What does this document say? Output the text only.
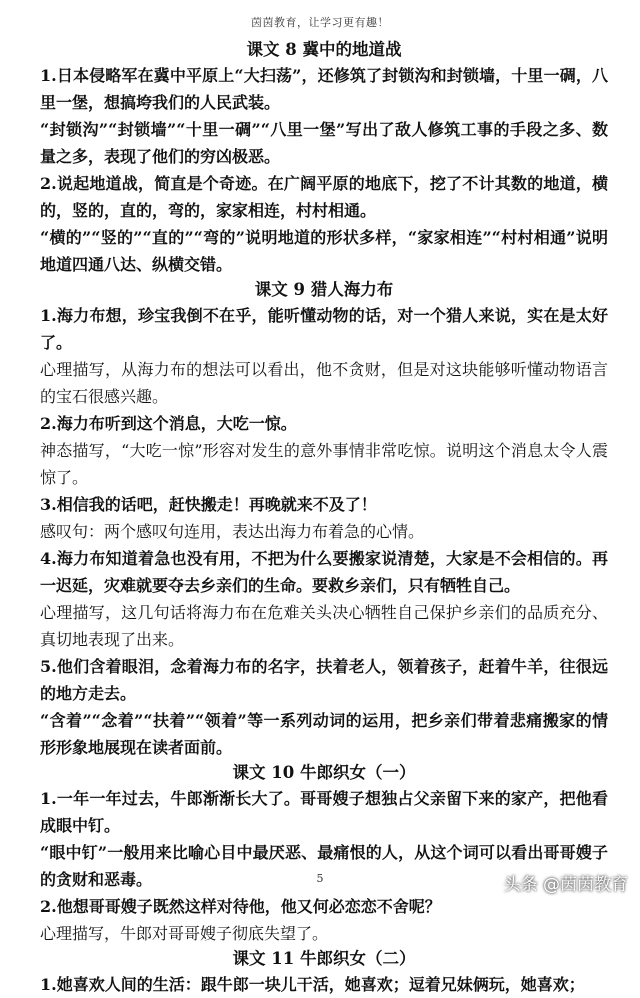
茵茵教育，让学习更有趣！
课文 8 冀中的地道战

1.日本侵略军在冀中平原上“大扫荡”，还修筑了封锁沟和封锁墙，十里一碉，八里一堡，想搞垮我们的人民武装。

“封锁沟”“封锁墙”“十里一碉”“八里一堡”写出了敌人修筑工事的手段之多、数量之多，表现了他们的穷凶极恶。

2.说起地道战，简直是个奇迹。在广阔平原的地底下，挖了不计其数的地道，横的，竖的，直的，弯的，家家相连，村村相通。

“横的”“竖的”“直的”“弯的”说明地道的形状多样，“家家相连”“村村相通”说明地道四通八达、纵横交错。

课文 9 猎人海力布

1.海力布想，珍宝我倒不在乎，能听懂动物的话，对一个猎人来说，实在是太好了。

心理描写，从海力布的想法可以看出，他不贪财，但是对这块能够听懂动物语言的宝石很感兴趣。

2.海力布听到这个消息，大吃一惊。

神态描写，“大吃一惊”形容对发生的意外事情非常吃惊。说明这个消息太令人震惊了。

3.相信我的话吧，赶快搬走！再晚就来不及了！

感叹句：两个感叹句连用，表达出海力布着急的心情。

4.海力布知道着急也没有用，不把为什么要搬家说清楚，大家是不会相信的。再一迟延，灾难就要夺去乡亲们的生命。要救乡亲们，只有牺牲自己。

心理描写，这几句话将海力布在危难关头决心牺牲自己保护乡亲们的品质充分、真切地表现了出来。

5.他们含着眼泪，念着海力布的名字，扶着老人，领着孩子，赶着牛羊，往很远的地方走去。

“含着”“念着”“扶着”“领着”等一系列动词的运用，把乡亲们带着悲痛搬家的情形形象地展现在读者面前。

课文 10 牛郎织女（一）

1.一年一年过去，牛郎渐渐长大了。哥哥嫂子想独占父亲留下来的家产，把他看成眼中钉。

“眼中钉”一般用来比喻心目中最厌恶、最痛恨的人，从这个词可以看出哥哥嫂子的贪财和恶毒。

2.他想哥哥嫂子既然这样对待他，他又何必恋恋不舍呢？

心理描写，牛郎对哥哥嫂子彻底失望了。

课文 11 牛郎织女（二）

1.她喜欢人间的生活：跟牛郎一块儿干活，她喜欢；逗着兄妹俩玩，她喜欢；

5	头条 @茵茵教育
